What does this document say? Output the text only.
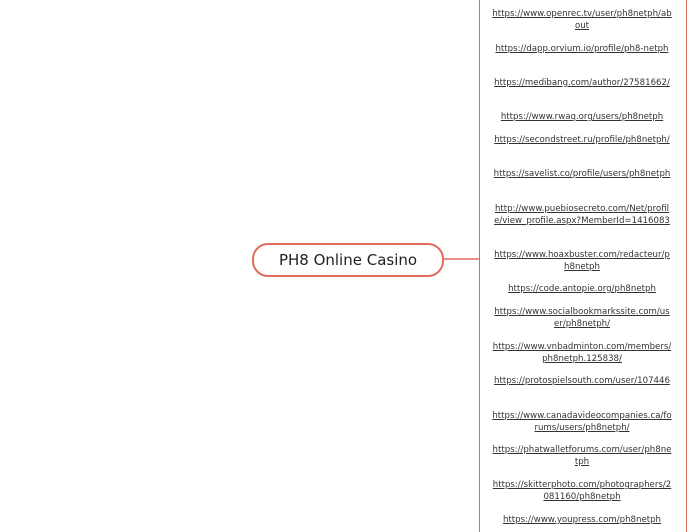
PH8 Online Casino
https://www.openrec.tv/user/ph8netph/about
https://dapp.orvium.io/profile/ph8-netph
https://medibang.com/author/27581662/
https://www.rwaq.org/users/ph8netph
https://secondstreet.ru/profile/ph8netph/
https://savelist.co/profile/users/ph8netph
http://www.puebiosecreto.com/Net/profile/view_profile.aspx?MemberId=1416083
https://www.hoaxbuster.com/redacteur/ph8netph
https://code.antopie.org/ph8netph
https://www.socialbookmarkssite.com/user/ph8netph/
https://www.vnbadminton.com/members/ph8netph.125838/
https://protospielsouth.com/user/107446
https://www.canadavideocompanies.ca/forums/users/ph8netph/
https://phatwalletforums.com/user/ph8netph
https://skitterphoto.com/photographers/2081160/ph8netph
https://www.youpress.com/ph8netph
